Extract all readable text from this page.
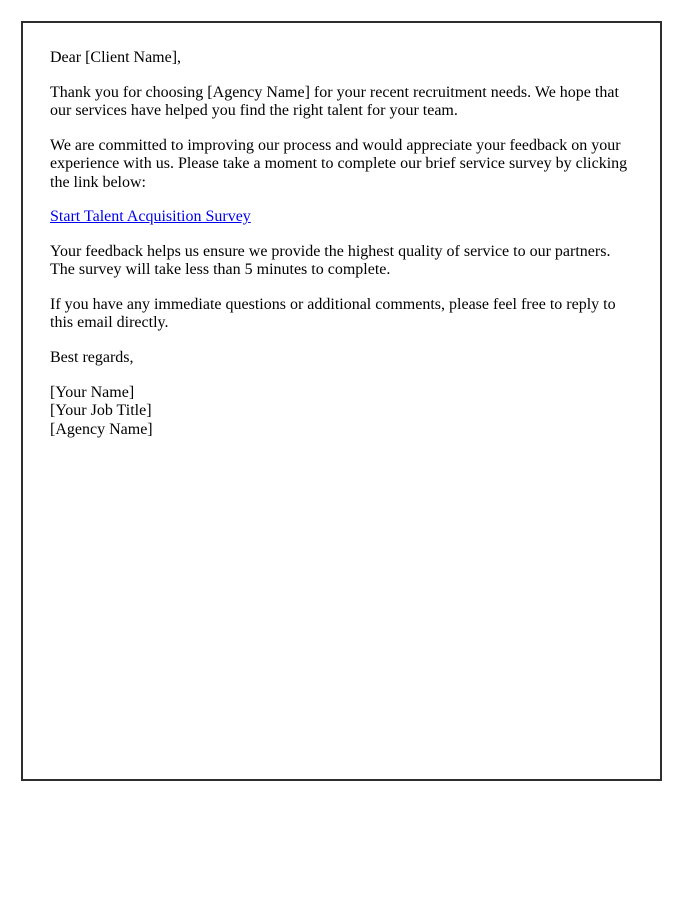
Dear [Client Name],

Thank you for choosing [Agency Name] for your recent recruitment needs. We hope that our services have helped you find the right talent for your team.

We are committed to improving our process and would appreciate your feedback on your experience with us. Please take a moment to complete our brief service survey by clicking the link below:

Start Talent Acquisition Survey

Your feedback helps us ensure we provide the highest quality of service to our partners. The survey will take less than 5 minutes to complete.

If you have any immediate questions or additional comments, please feel free to reply to this email directly.

Best regards,

[Your Name]
[Your Job Title]
[Agency Name]
